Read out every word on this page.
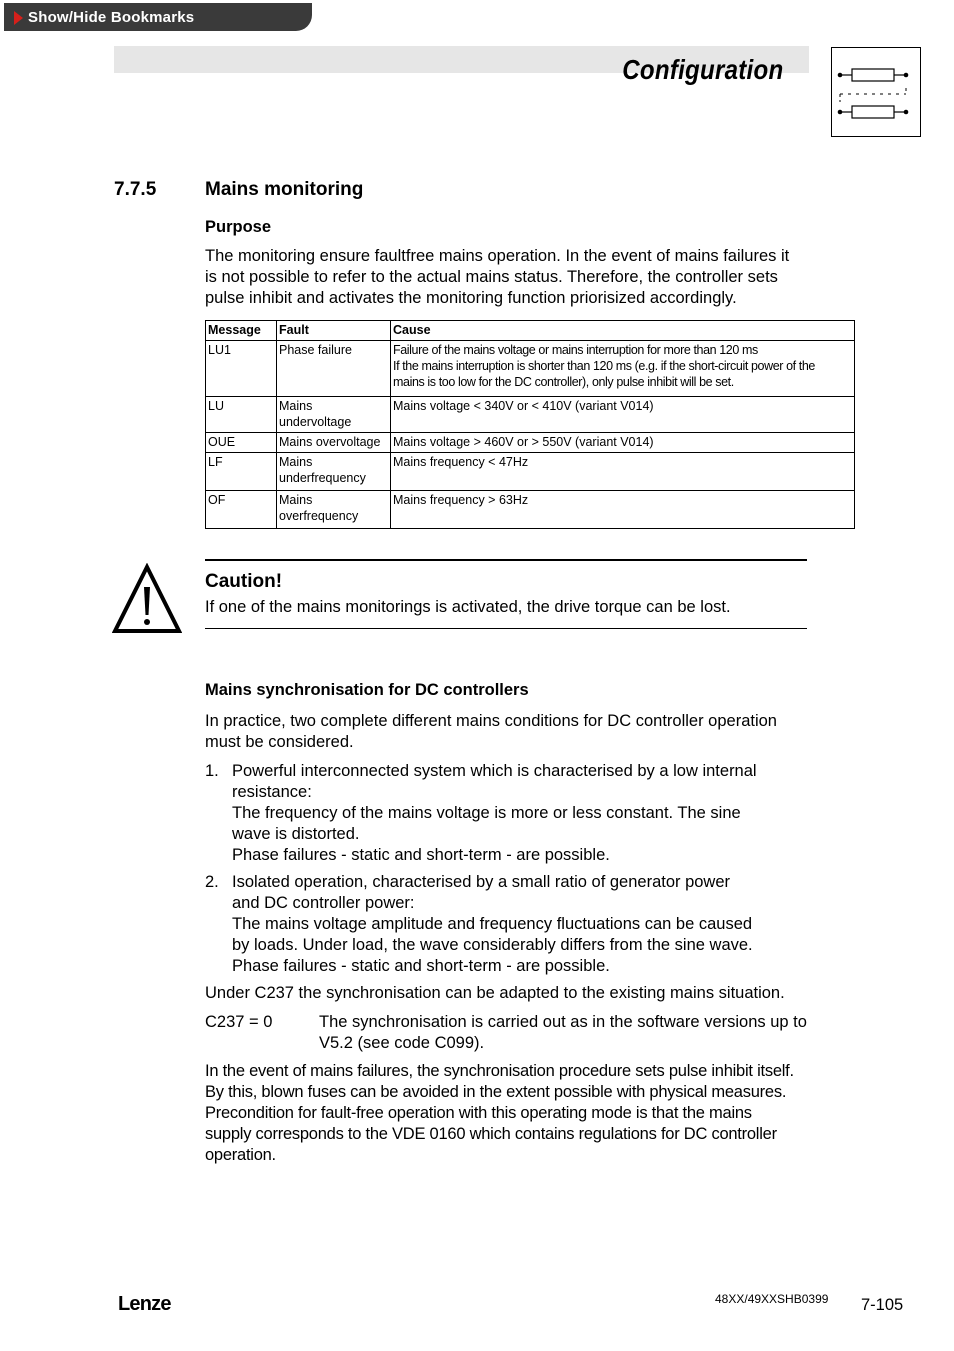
Show/Hide Bookmarks
Configuration
7.7.5	Mains monitoring
Purpose
The monitoring ensure faultfree mains operation. In the event of mains failures it
is not possible to refer to the actual mains status. Therefore, the controller sets
pulse inhibit and activates the monitoring function priorisized accordingly.
Message	Fault	Cause
LU1	Phase failure	Failure of the mains voltage or mains interruption for more than 120 ms
If the mains interruption is shorter than 120 ms (e.g. if the short-circuit power of the
mains is too low for the DC controller), only pulse inhibit will be set.

LU	Mains undervoltage	Mains voltage < 340V or < 410V (variant V014)
OUE	Mains overvoltage	Mains voltage > 460V or > 550V (variant V014)
LF	Mains underfrequency	Mains frequency < 47Hz
OF	Mains overfrequency	Mains frequency > 63Hz
Caution!
If one of the mains monitorings is activated, the drive torque can be lost.
Mains synchronisation for DC controllers
In practice, two complete different mains conditions for DC controller operation
must be considered.
1. Powerful interconnected system which is characterised by a low internal
resistance:
The frequency of the mains voltage is more or less constant. The sine
wave is distorted.
Phase failures - static and short-term - are possible.
2. Isolated operation, characterised by a small ratio of generator power
and DC controller power:
The mains voltage amplitude and frequency fluctuations can be caused
by loads. Under load, the wave considerably differs from the sine wave.
Phase failures - static and short-term - are possible.
Under C237 the synchronisation can be adapted to the existing mains situation.
C237 = 0	The synchronisation is carried out as in the software versions up to
V5.2 (see code C099).
In the event of mains failures, the synchronisation procedure sets pulse inhibit itself.
By this, blown fuses can be avoided in the extent possible with physical measures.
Precondition for fault-free operation with this operating mode is that the mains
supply corresponds to the VDE 0160 which contains regulations for DC controller
operation.
Lenze	48XX/49XXSHB0399 7-105
